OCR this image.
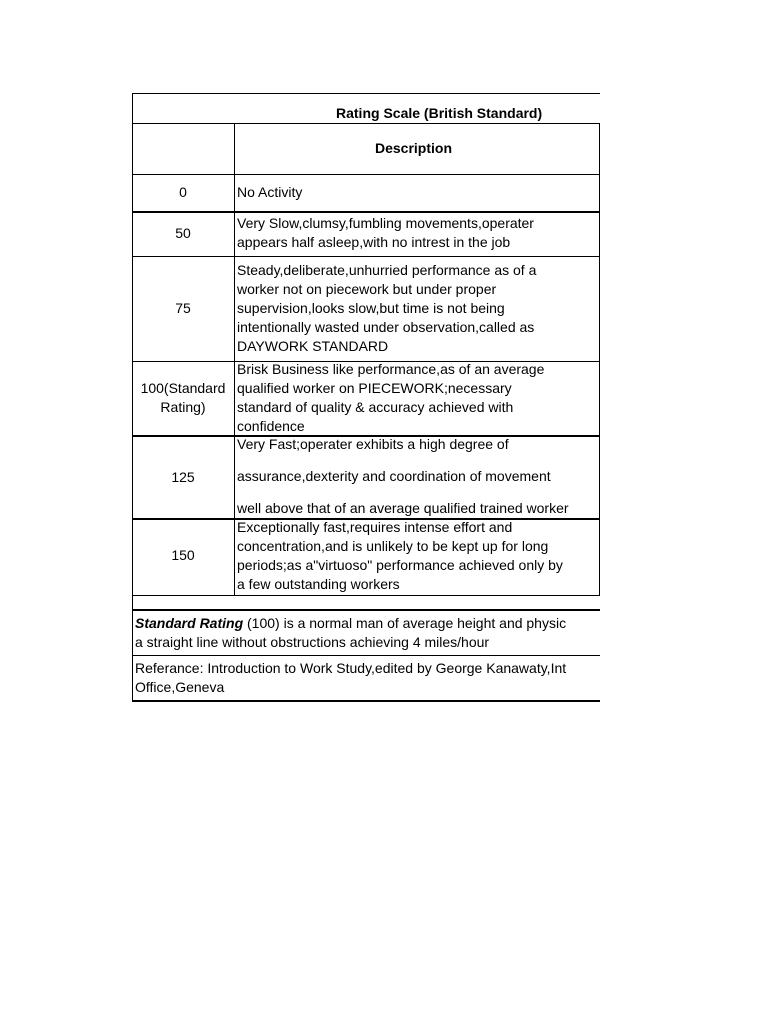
Rating Scale (British Standard)
Description
0	No Activity
50
Very Slow,clumsy,fumbling movements,operater
appears half asleep,with no intrest in the job
75
Steady,deliberate,unhurried performance as of a
worker not on piecework but under proper
supervision,looks slow,but time is not being
intentionally wasted under observation,called as
DAYWORK STANDARD
100(Standard
Rating)
Brisk Business like performance,as of an average
qualified worker on PIECEWORK;necessary
standard of quality & accuracy achieved with
confidence
125
Very Fast;operater exhibits a high degree of
assurance,dexterity and coordination of movement
well above that of an average qualified trained worker
150
Exceptionally fast,requires intense effort and
concentration,and is unlikely to be kept up for long
periods;as a"virtuoso" performance achieved only by
a few outstanding workers
Standard Rating (100) is a normal man of average height and physic
a straight line without obstructions achieving 4 miles/hour
Referance: Introduction to Work Study,edited by George Kanawaty,Int
Office,Geneva
